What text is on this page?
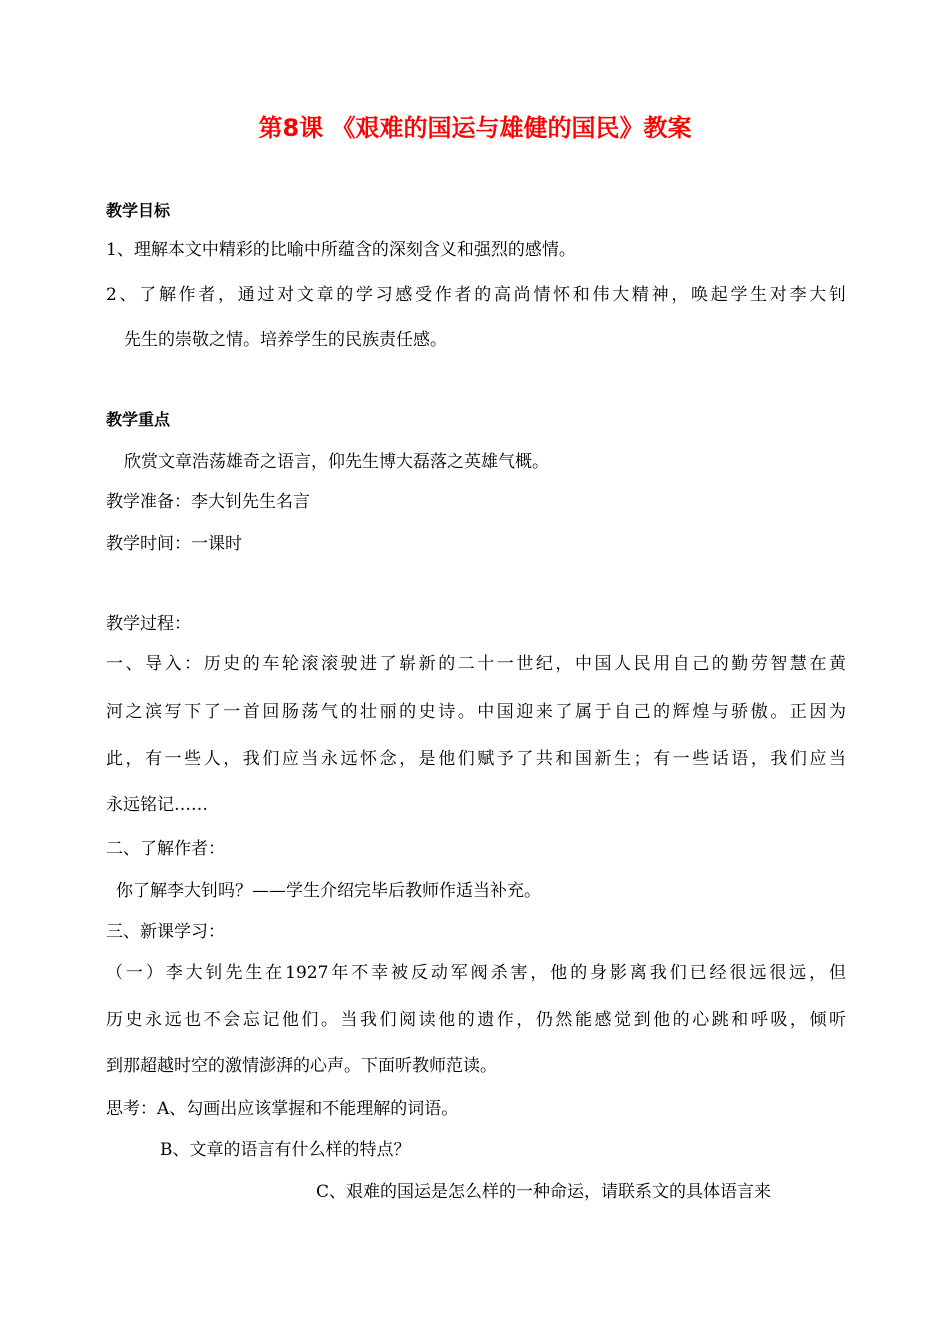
第8课 《艰难的国运与雄健的国民》教案
教学目标
1、理解本文中精彩的比喻中所蕴含的深刻含义和强烈的感情。
2、了解作者，通过对文章的学习感受作者的高尚情怀和伟大精神，唤起学生对李大钊
先生的崇敬之情。培养学生的民族责任感。
教学重点
欣赏文章浩荡雄奇之语言，仰先生博大磊落之英雄气概。
教学准备：李大钊先生名言
教学时间：一课时
教学过程：
一、导入：历史的车轮滚滚驶进了崭新的二十一世纪，中国人民用自己的勤劳智慧在黄
河之滨写下了一首回肠荡气的壮丽的史诗。中国迎来了属于自己的辉煌与骄傲。正因为
此，有一些人，我们应当永远怀念，是他们赋予了共和国新生；有一些话语，我们应当
永远铭记……
二、了解作者：
你了解李大钊吗？——学生介绍完毕后教师作适当补充。
三、新课学习：
（一）李大钊先生在1927年不幸被反动军阀杀害，他的身影离我们已经很远很远，但
历史永远也不会忘记他们。当我们阅读他的遗作，仍然能感觉到他的心跳和呼吸，倾听
到那超越时空的激情澎湃的心声。下面听教师范读。
思考：A、勾画出应该掌握和不能理解的词语。
B、文章的语言有什么样的特点？
C、艰难的国运是怎么样的一种命运，请联系文的具体语言来
